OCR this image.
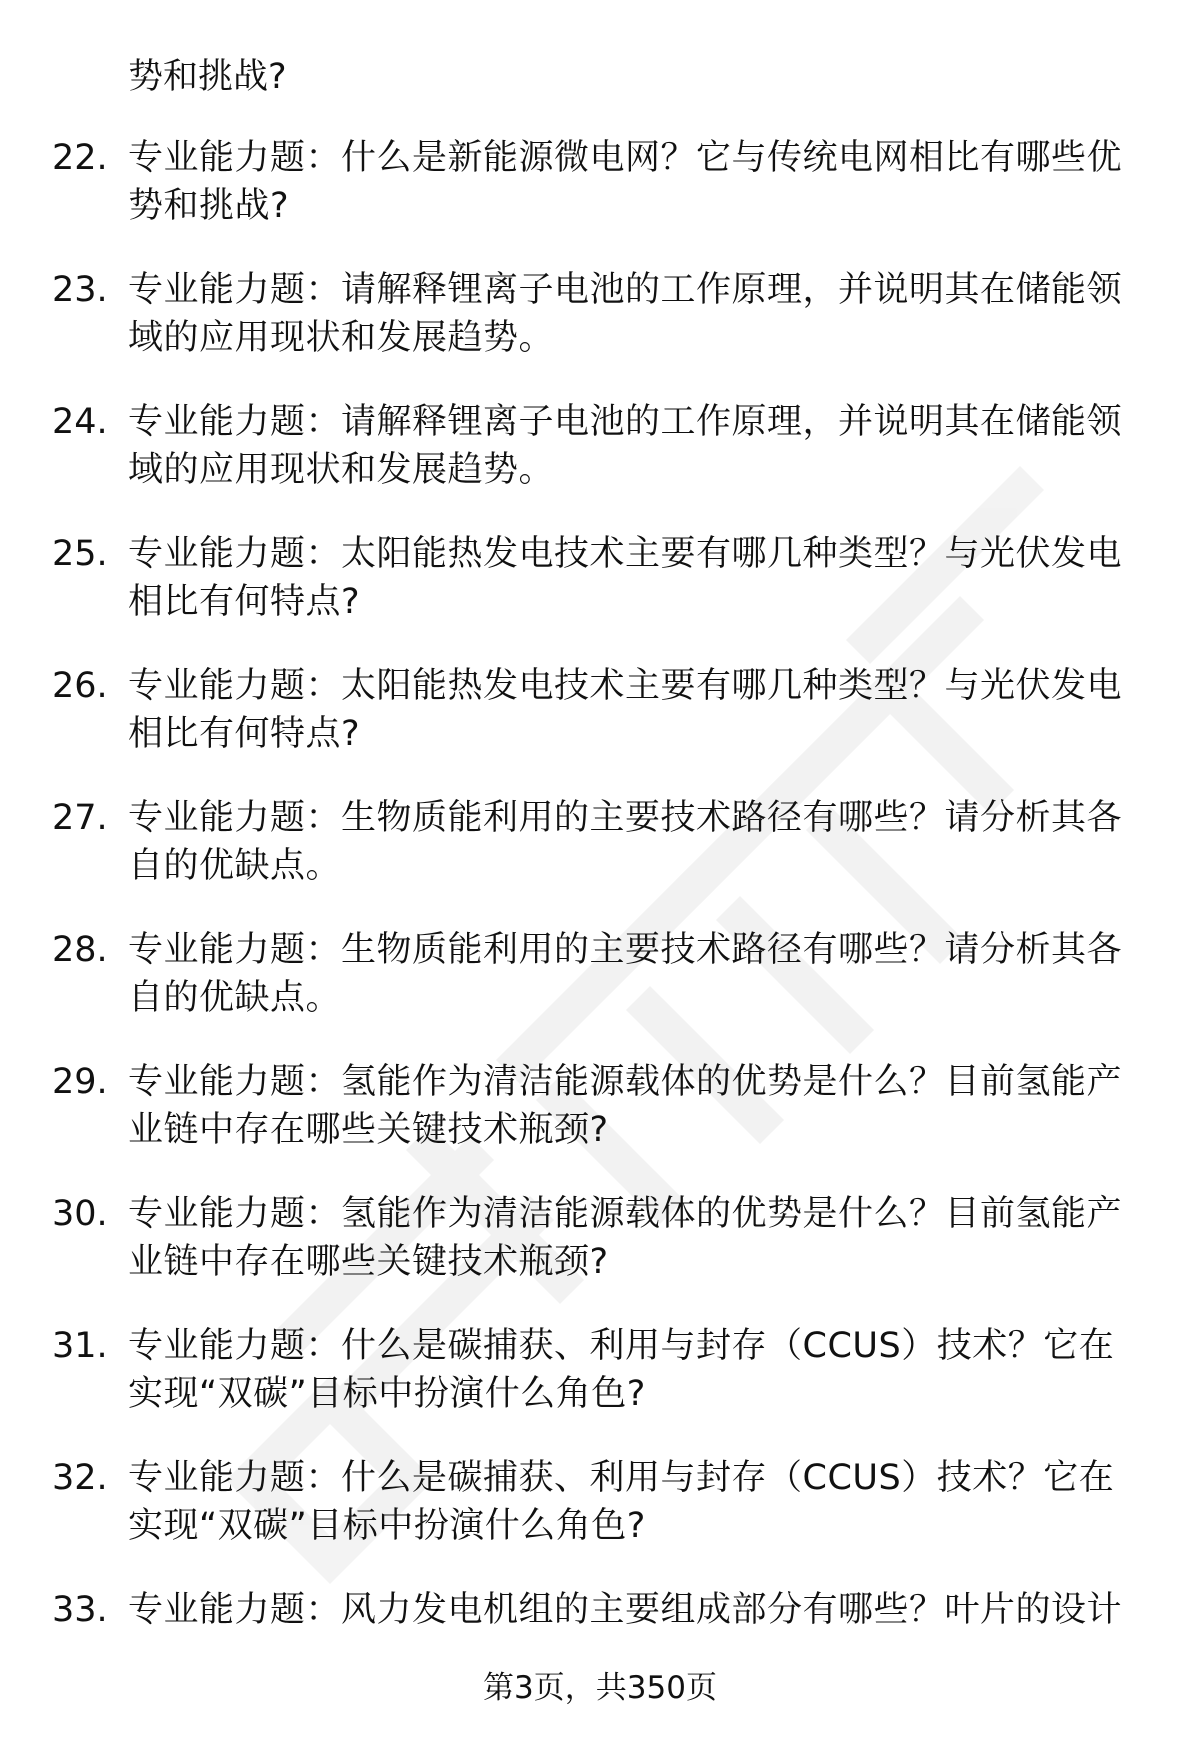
势和挑战?
22. 专业能力题：什么是新能源微电网？它与传统电网相比有哪些优势和挑战?
23. 专业能力题：请解释锂离子电池的工作原理，并说明其在储能领域的应用现状和发展趋势。
24. 专业能力题：请解释锂离子电池的工作原理，并说明其在储能领域的应用现状和发展趋势。
25. 专业能力题：太阳能热发电技术主要有哪几种类型？与光伏发电相比有何特点?
26. 专业能力题：太阳能热发电技术主要有哪几种类型？与光伏发电相比有何特点?
27. 专业能力题：生物质能利用的主要技术路径有哪些？请分析其各自的优缺点。
28. 专业能力题：生物质能利用的主要技术路径有哪些？请分析其各自的优缺点。
29. 专业能力题：氢能作为清洁能源载体的优势是什么？目前氢能产业链中存在哪些关键技术瓶颈?
30. 专业能力题：氢能作为清洁能源载体的优势是什么？目前氢能产业链中存在哪些关键技术瓶颈?
31. 专业能力题：什么是碳捕获、利用与封存（CCUS）技术？它在实现“双碳”目标中扮演什么角色?
32. 专业能力题：什么是碳捕获、利用与封存（CCUS）技术？它在实现“双碳”目标中扮演什么角色?
33. 专业能力题：风力发电机组的主要组成部分有哪些？叶片的设计
第3页，共350页
